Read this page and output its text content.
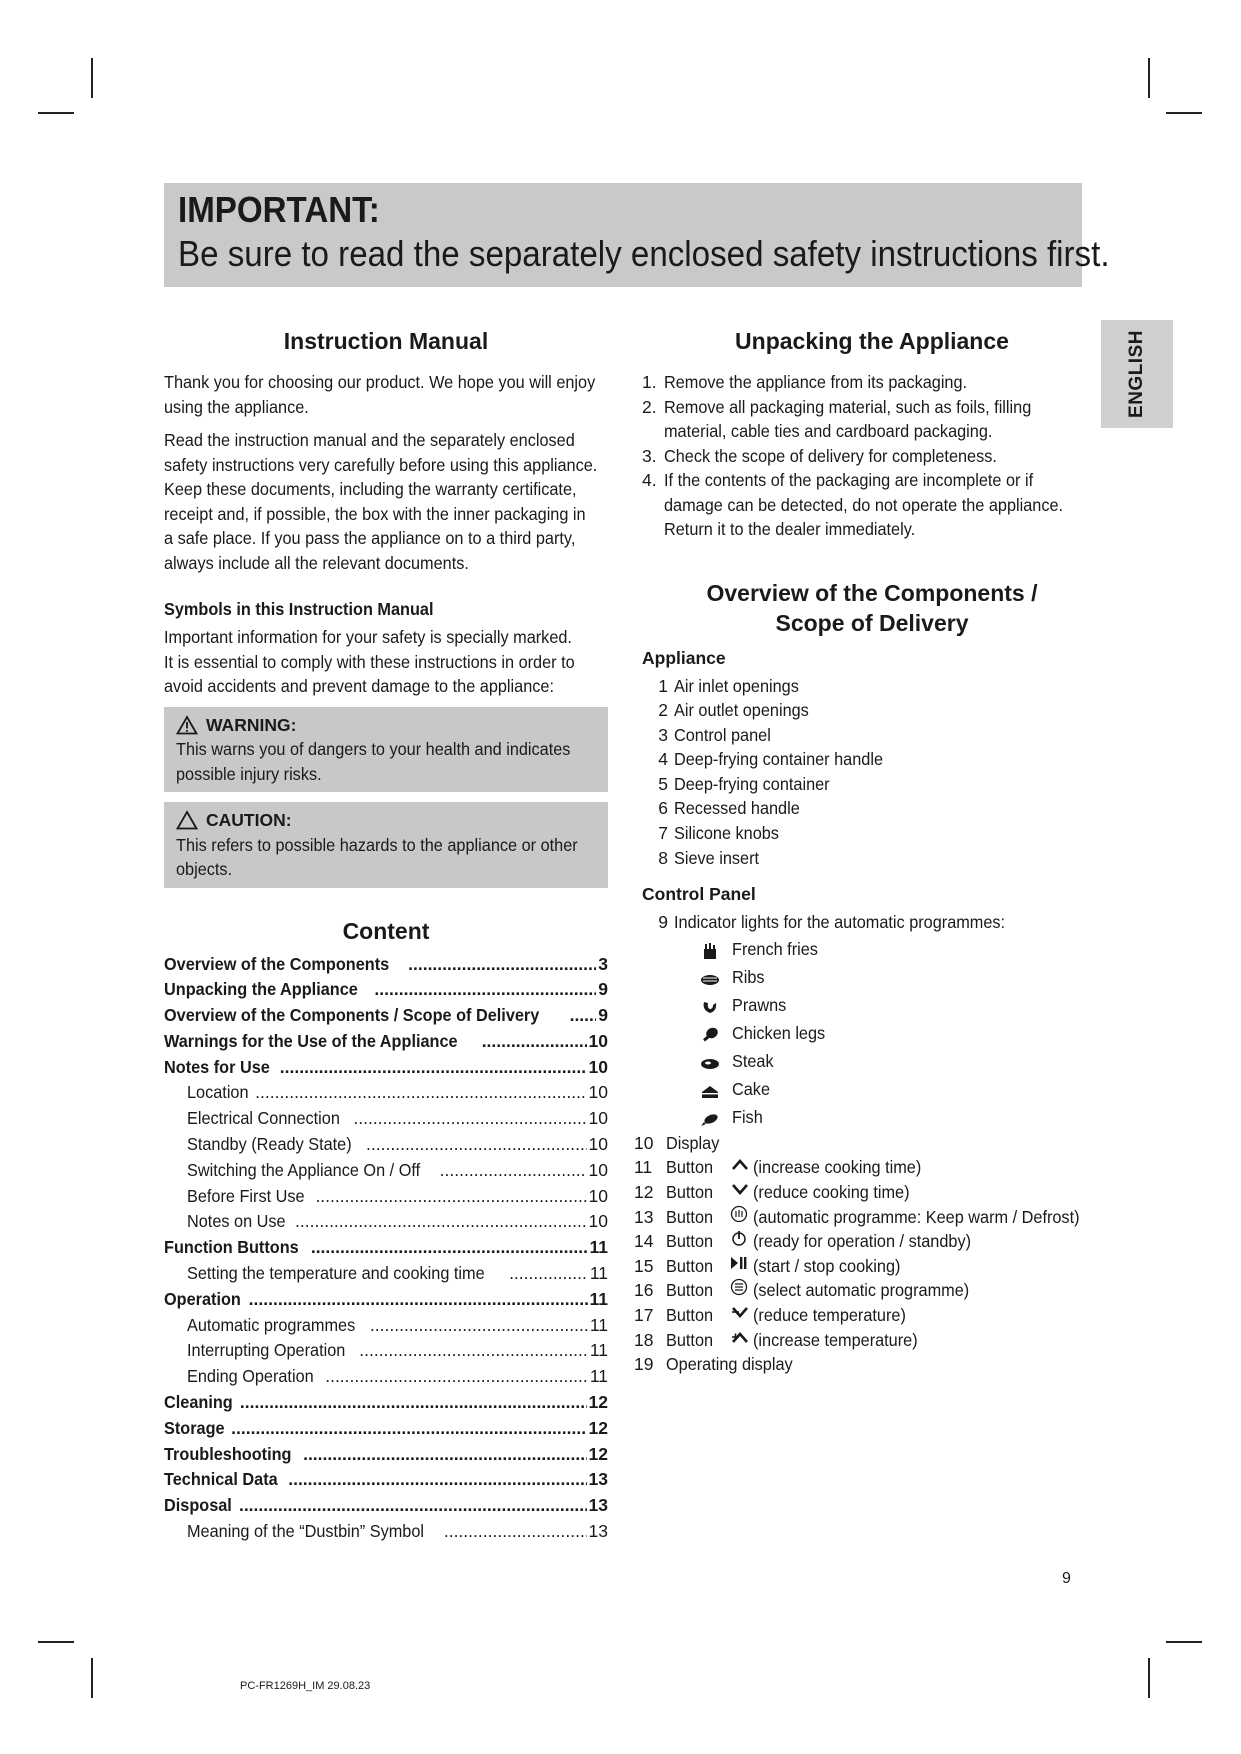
IMPORTANT:
Be sure to read the separately enclosed safety instructions first.
ENGLISH
Instruction Manual

Thank you for choosing our product. We hope you will enjoy using the appliance.

Read the instruction manual and the separately enclosed
safety instructions very carefully before using this appliance.
Keep these documents, including the warranty certificate,
receipt and, if possible, the box with the inner packaging in
a safe place. If you pass the appliance on to a third party,
always include all the relevant documents.
Symbols in this Instruction Manual
Important information for your safety is specially marked.
It is essential to comply with these instructions in order to
avoid accidents and prevent damage to the appliance:
WARNING:
This warns you of dangers to your health and indicates possible injury risks.
CAUTION:
This refers to possible hazards to the appliance or other objects.
Content
Overview of the Components .....	3
Unpacking the Appliance .....	9
Overview of the Components / Scope of Delivery .....	9
Warnings for the Use of the Appliance .....	10
Notes for Use .....	10
Location .....	10
Electrical Connection .....	10
Standby (Ready State) .....	10
Switching the Appliance On / Off .....	10
Before First Use .....	10
Notes on Use .....	10
Function Buttons .....	11
Setting the temperature and cooking time .....	11
Operation .....	11
Automatic programmes .....	11
Interrupting Operation .....	11
Ending Operation .....	11
Cleaning .....	12
Storage .....	12
Troubleshooting .....	12
Technical Data .....	13
Disposal .....	13
Meaning of the “Dustbin” Symbol .....	13
Unpacking the Appliance
1. Remove the appliance from its packaging.
2. Remove all packaging material, such as foils, filling
material, cable ties and cardboard packaging.
3. Check the scope of delivery for completeness.
4. If the contents of the packaging are incomplete or if
damage can be detected, do not operate the appliance.
Return it to the dealer immediately.
Overview of the Components /
Scope of Delivery
Appliance
1 Air inlet openings
2 Air outlet openings
3 Control panel
4 Deep-frying container handle
5 Deep-frying container
6 Recessed handle
7 Silicone knobs
8 Sieve insert
Control Panel
9 Indicator lights for the automatic programmes:
French fries
Ribs
Prawns
Chicken legs
Steak
Cake
Fish
10 Display
11 Button (increase cooking time)
12 Button (reduce cooking time)
13 Button (automatic programme: Keep warm / Defrost)
14 Button (ready for operation / standby)
15 Button (start / stop cooking)
16 Button (select automatic programme)
17 Button (reduce temperature)
18 Button (increase temperature)
19 Operating display
9
PC-FR1269H_IM 29.08.23
